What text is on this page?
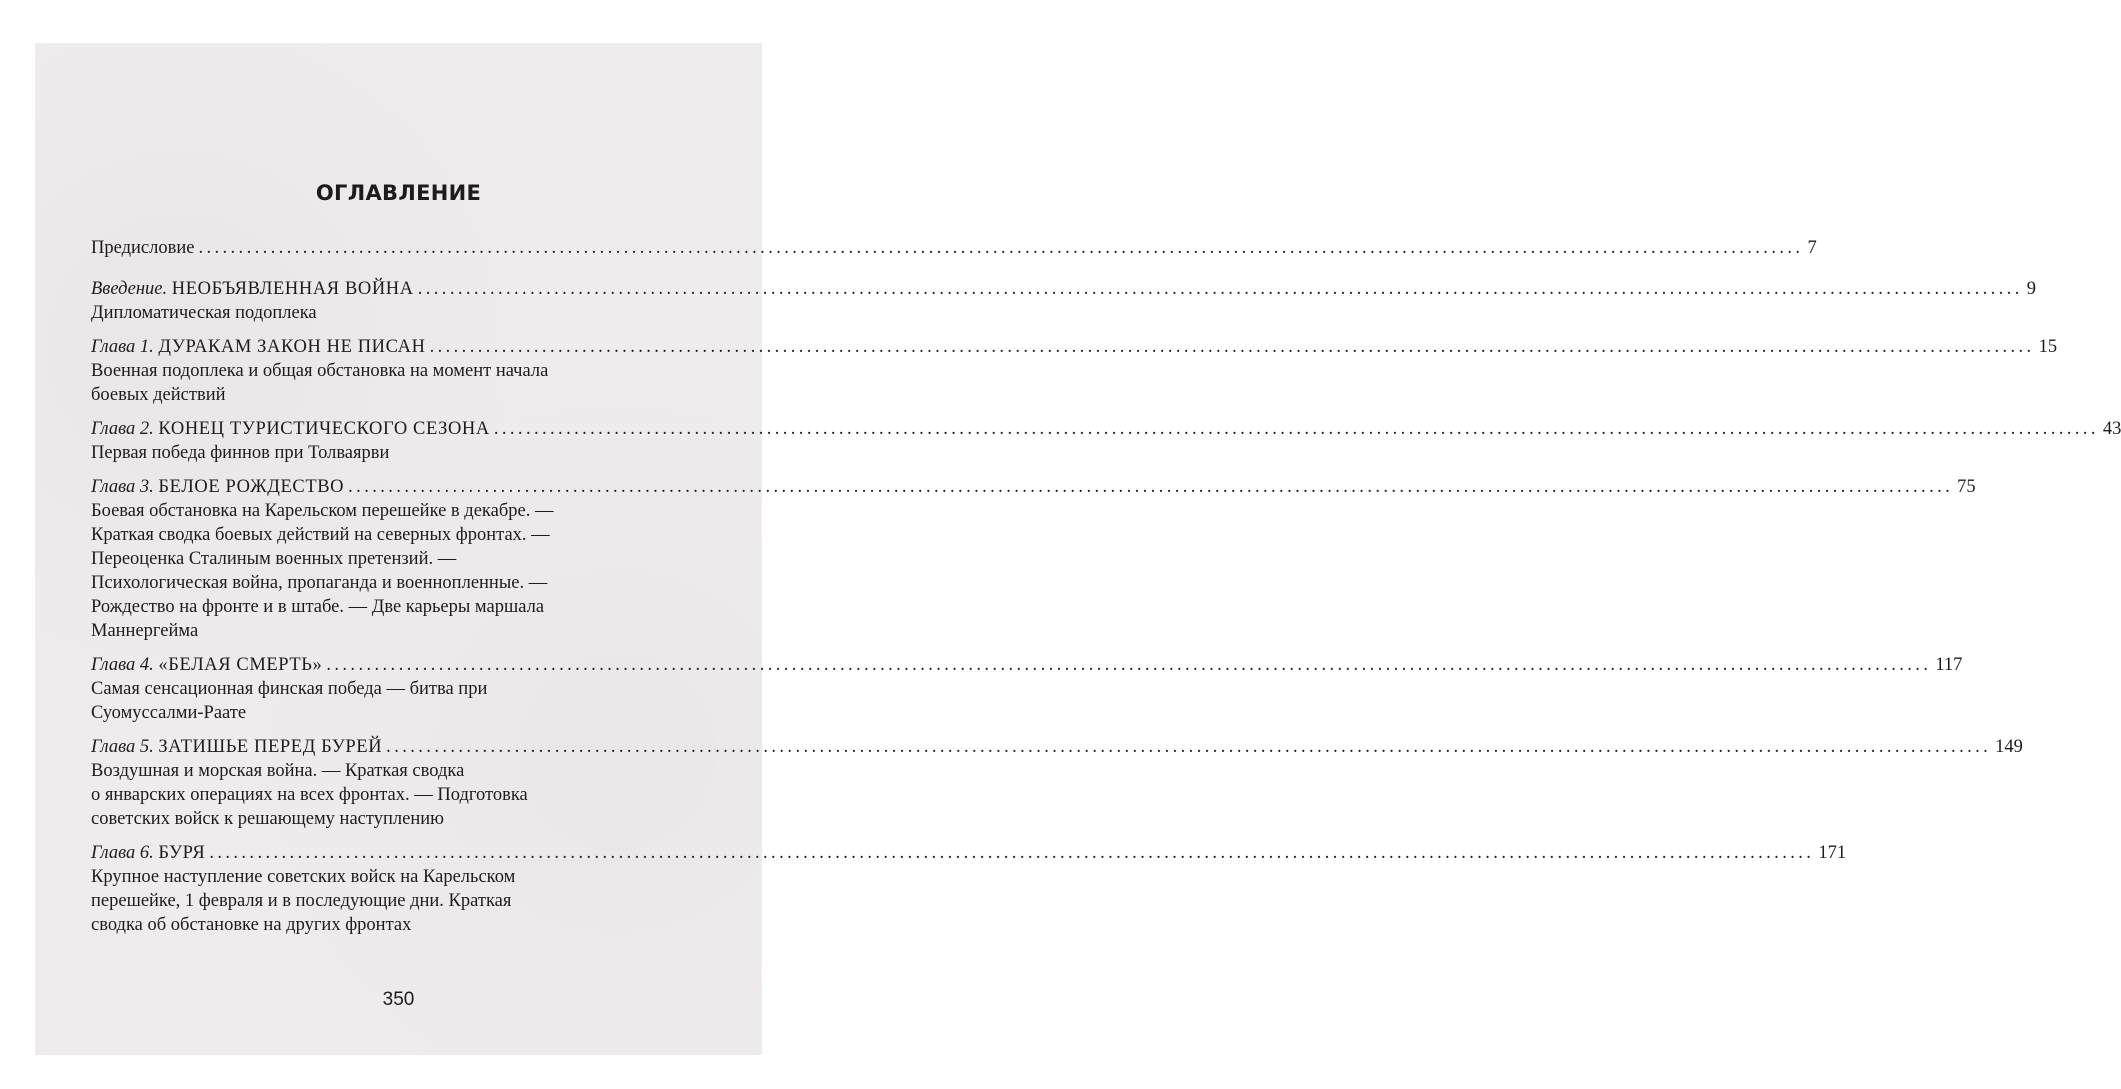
ОГЛАВЛЕНИЕ
Предисловие ........................................................................................................................................................................................................ 7
Введение. НЕОБЪЯВЛЕННАЯ ВОЙНА ........................................................................................................................................................................................................ 9
Дипломатическая подоплека
Глава 1. ДУРАКАМ ЗАКОН НЕ ПИСАН ........................................................................................................................................................................................................ 15
Военная подоплека и общая обстановка на момент начала
боевых действий
Глава 2. КОНЕЦ ТУРИСТИЧЕСКОГО СЕЗОНА ........................................................................................................................................................................................................ 43
Первая победа финнов при Толваярви
Глава 3. БЕЛОЕ РОЖДЕСТВО ........................................................................................................................................................................................................ 75
Боевая обстановка на Карельском перешейке в декабре. —
Краткая сводка боевых действий на северных фронтах. —
Переоценка Сталиным военных претензий. —
Психологическая война, пропаганда и военнопленные. —
Рождество на фронте и в штабе. — Две карьеры маршала
Маннергейма
Глава 4. «БЕЛАЯ СМЕРТЬ» ........................................................................................................................................................................................................ 117
Самая сенсационная финская победа — битва при
Суомуссалми-Раате
Глава 5. ЗАТИШЬЕ ПЕРЕД БУРЕЙ ........................................................................................................................................................................................................ 149
Воздушная и морская война. — Краткая сводка
о январских операциях на всех фронтах. — Подготовка
советских войск к решающему наступлению
Глава 6. БУРЯ ........................................................................................................................................................................................................ 171
Крупное наступление советских войск на Карельском
перешейке, 1 февраля и в последующие дни. Краткая
сводка об обстановке на других фронтах
350
